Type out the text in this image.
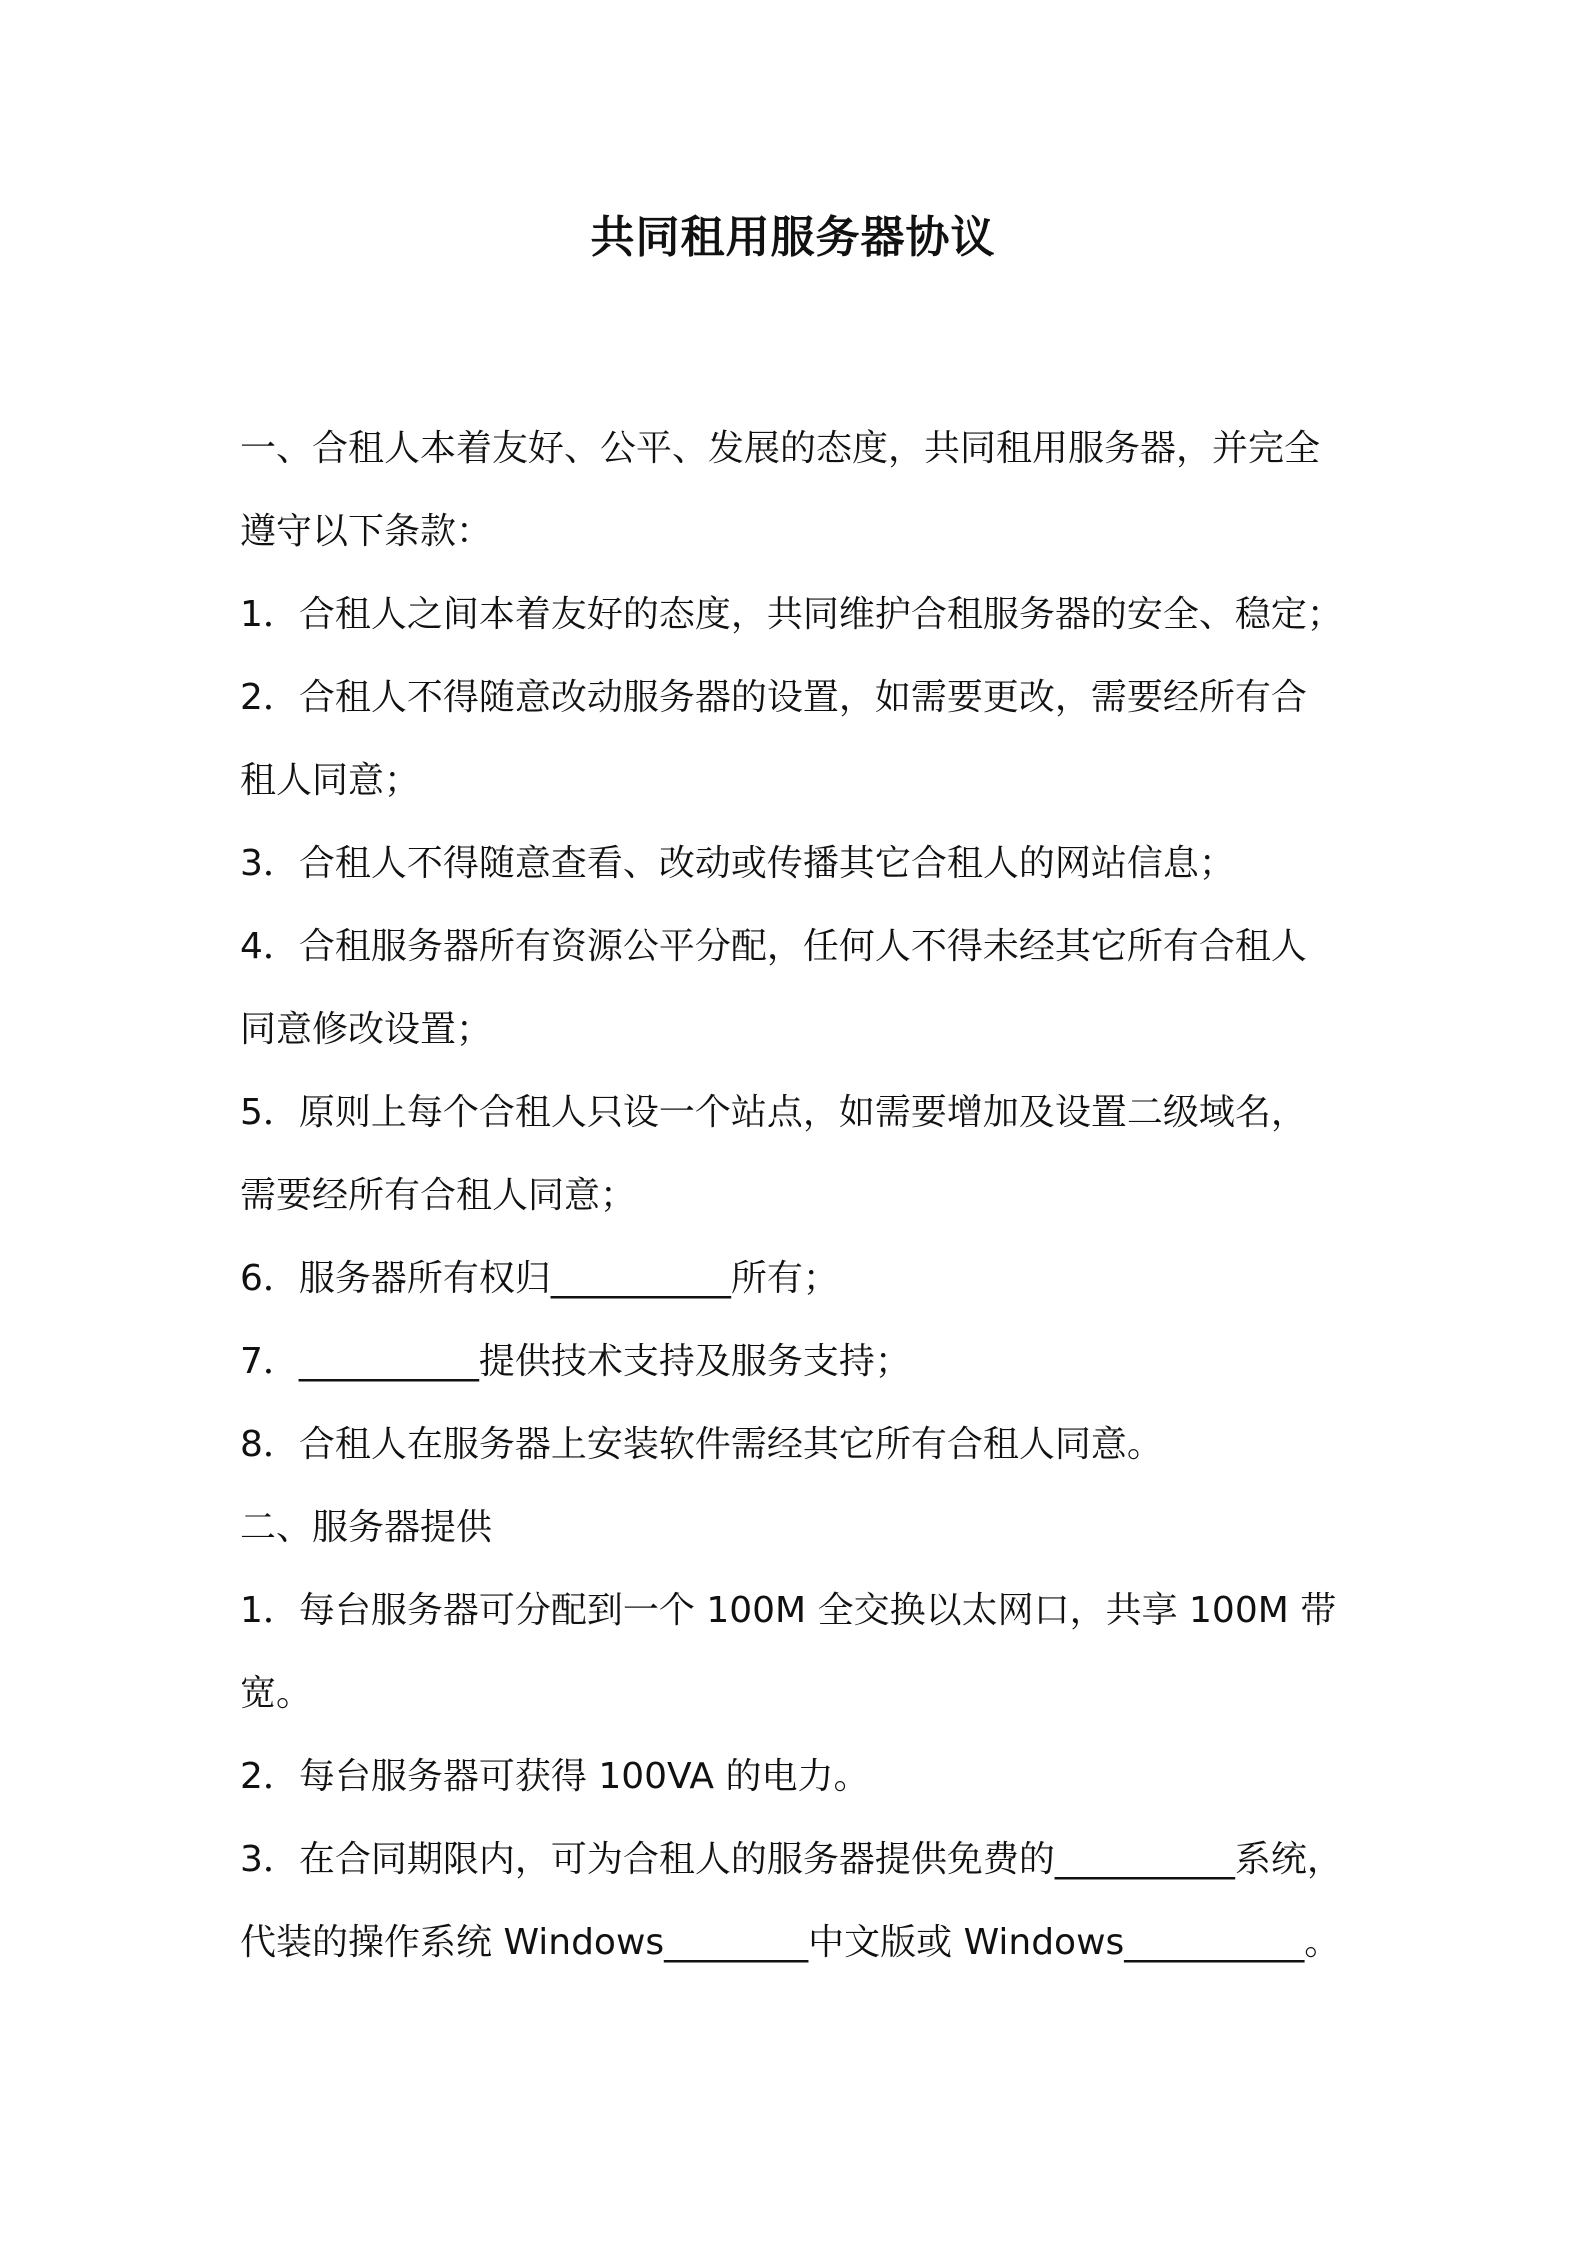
共同租用服务器协议
一、合租人本着友好、公平、发展的态度，共同租用服务器，并完全
遵守以下条款：
1．合租人之间本着友好的态度，共同维护合租服务器的安全、稳定；
2．合租人不得随意改动服务器的设置，如需要更改，需要经所有合
租人同意；
3．合租人不得随意查看、改动或传播其它合租人的网站信息；
4．合租服务器所有资源公平分配，任何人不得未经其它所有合租人
同意修改设置；
5．原则上每个合租人只设一个站点，如需要增加及设置二级域名，
需要经所有合租人同意；
6．服务器所有权归__________所有；
7．__________提供技术支持及服务支持；
8．合租人在服务器上安装软件需经其它所有合租人同意。
二、服务器提供
1．每台服务器可分配到一个 100M 全交换以太网口，共享 100M 带
宽。
2．每台服务器可获得 100VA 的电力。
3．在合同期限内，可为合租人的服务器提供免费的__________系统，
代装的操作系统 Windows________中文版或 Windows__________。
